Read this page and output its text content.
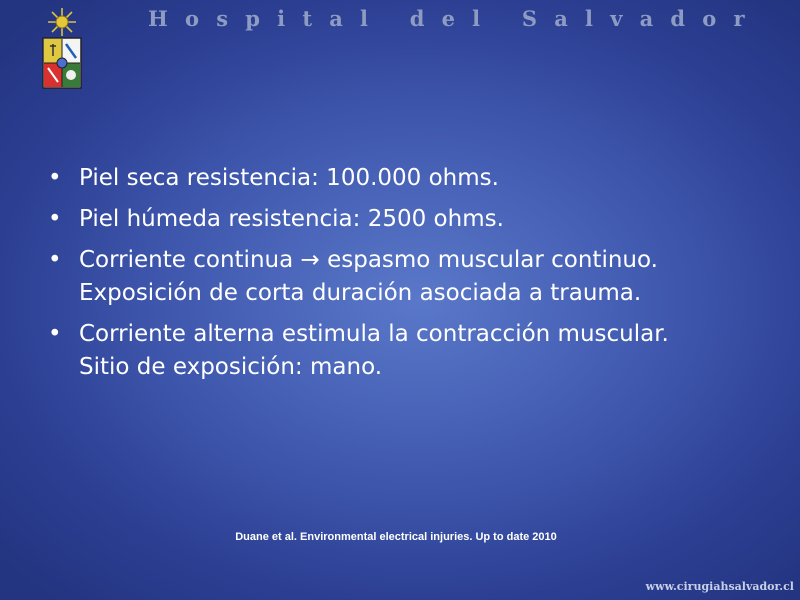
Hospital del Salvador
• Piel seca resistencia: 100.000 ohms.
• Piel húmeda resistencia: 2500 ohms.
• Corriente continua → espasmo muscular continuo.
Exposición de corta duración asociada a trauma.
• Corriente alterna estimula la contracción muscular.
Sitio de exposición: mano.
Duane et al. Environmental electrical injuries. Up to date 2010
www.cirugiahsalvador.cl
